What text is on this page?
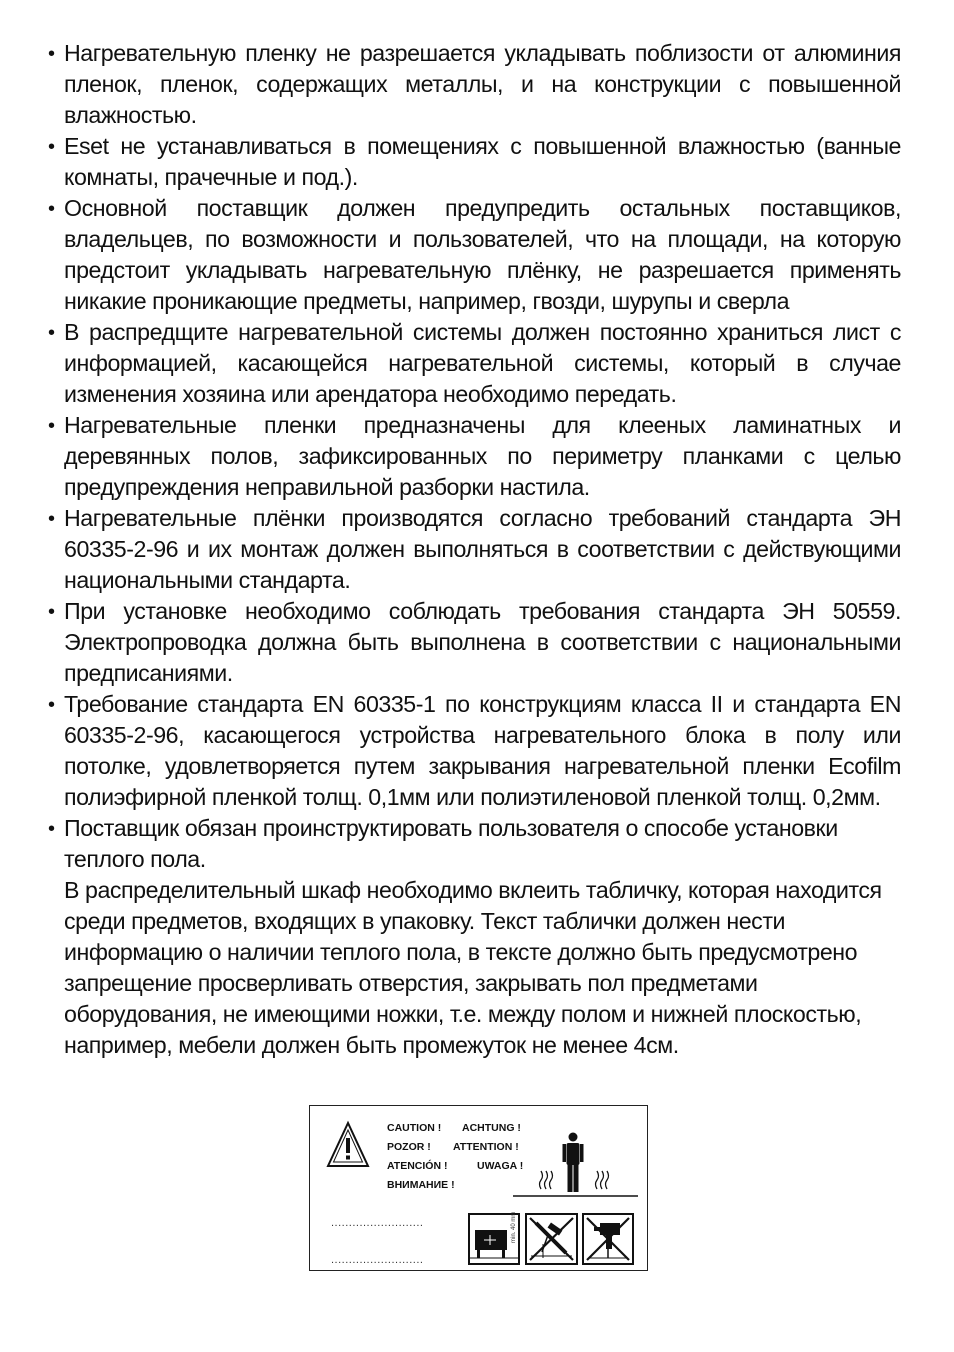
• Нагревательную пленку не разрешается укладывать поблизости от алюминия пленок, пленок, содержащих металлы, и на конструкции с повышенной влажностью.
• Eset не устанавливаться в помещениях с повышенной влажностью (ванные комнаты, прачечные и под.).
• Основной поставщик должен предупредить остальных поставщиков, владельцев, по возможности и пользователей, что на площади, на которую предстоит укладывать нагревательную плёнку, не разрешается применять никакие проникающие предметы, например, гвозди, шурупы и сверла
• В распредщите нагревательной системы должен постоянно храниться лист с информацией, касающейся нагревательной системы, который в случае изменения хозяина или арендатора необходимо передать.
• Нагревательные пленки предназначены для клееных ламинатных и деревянных полов, зафиксированных по периметру планками с целью предупреждения неправильной разборки настила.
• Нагревательные плёнки производятся согласно требований стандарта ЭН 60335-2-96 и их монтаж должен выполняться в соответствии с действующими национальными стандарта.
• При установке необходимо соблюдать требования стандарта ЭН 50559. Электропроводка должна быть выполнена в соответствии с национальными предписаниями.
• Требование стандарта EN 60335-1 по конструкциям класса II и стандарта EN 60335-2-96, касающегося устройства нагревательного блока в полу или потолке, удовлетворяется путем закрывания нагревательной пленки Ecofilm полиэфирной пленкой толщ. 0,1мм или полиэтиленовой пленкой толщ. 0,2мм.
• Поставщик обязан проинструктировать пользователя о способе установки теплого пола.
В распределительный шкаф необходимо вклеить табличку, которая находится среди предметов, входящих в упаковку. Текст таблички должен нести информацию о наличии теплого пола, в тексте должно быть предусмотрено запрещение просверливать отверстия, закрывать пол предметами оборудования, не имеющими ножки, т.е. между полом и нижней плоскостью, например, мебели должен быть промежуток не менее 4см.
CAUTION ! ACHTUNG !
POZOR ! ATTENTION !
ATENCIÓN !	UWAGA !
ВНИМАНИЕ !
..........................
..........................
min. 40 mm
